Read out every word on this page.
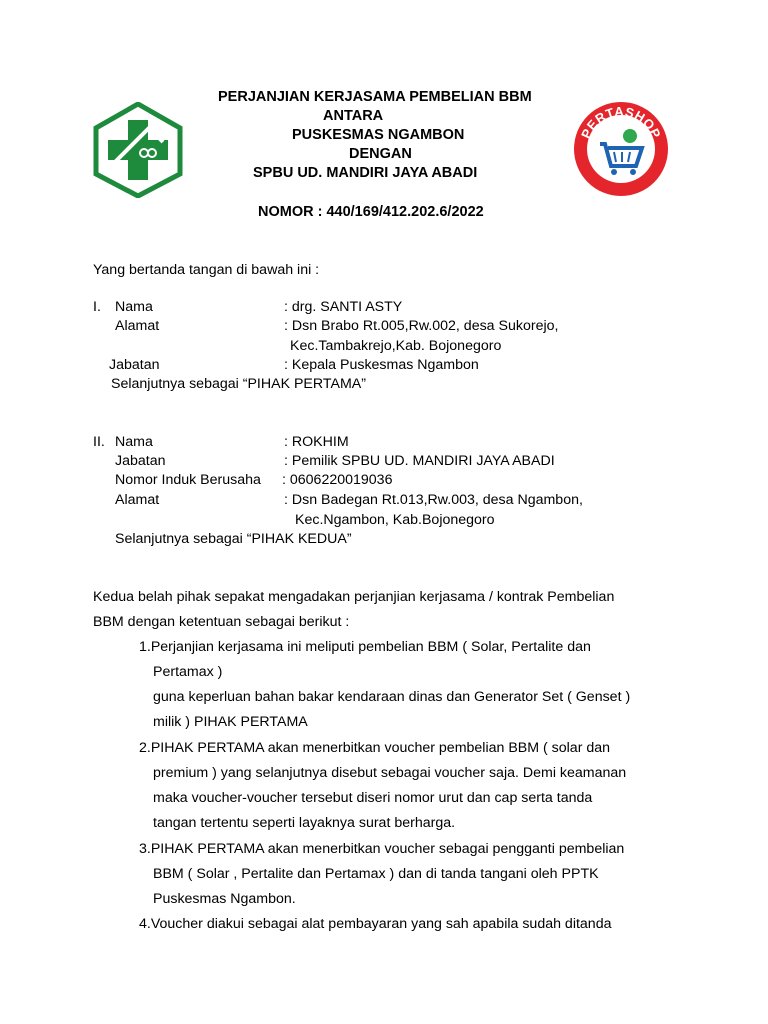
PERTASHOP
PERJANJIAN KERJASAMA PEMBELIAN BBM
ANTARA
PUSKESMAS NGAMBON
DENGAN
SPBU UD. MANDIRI JAYA ABADI
NOMOR : 440/169/412.202.6/2022
Yang bertanda tangan di bawah ini :
I. Nama	: drg. SANTI ASTY
Alamat	: Dsn Brabo Rt.005,Rw.002, desa Sukorejo,
Kec.Tambakrejo,Kab. Bojonegoro
Jabatan	: Kepala Puskesmas Ngambon
Selanjutnya sebagai “PIHAK PERTAMA”
II. Nama	: ROKHIM
Jabatan	: Pemilik SPBU UD. MANDIRI JAYA ABADI
Nomor Induk Berusaha : 0606220019036
Alamat	: Dsn Badegan Rt.013,Rw.003, desa Ngambon,
Kec.Ngambon, Kab.Bojonegoro
Selanjutnya sebagai “PIHAK KEDUA”
Kedua belah pihak sepakat mengadakan perjanjian kerjasama / kontrak Pembelian
BBM dengan ketentuan sebagai berikut :
1.Perjanjian kerjasama ini meliputi pembelian BBM ( Solar, Pertalite dan
Pertamax )
guna keperluan bahan bakar kendaraan dinas dan Generator Set ( Genset )
milik ) PIHAK PERTAMA
2.PIHAK PERTAMA akan menerbitkan voucher pembelian BBM ( solar dan
premium ) yang selanjutnya disebut sebagai voucher saja. Demi keamanan
maka voucher-voucher tersebut diseri nomor urut dan cap serta tanda
tangan tertentu seperti layaknya surat berharga.
3.PIHAK PERTAMA akan menerbitkan voucher sebagai pengganti pembelian
BBM ( Solar , Pertalite dan Pertamax ) dan di tanda tangani oleh PPTK
Puskesmas Ngambon.
4.Voucher diakui sebagai alat pembayaran yang sah apabila sudah ditanda
